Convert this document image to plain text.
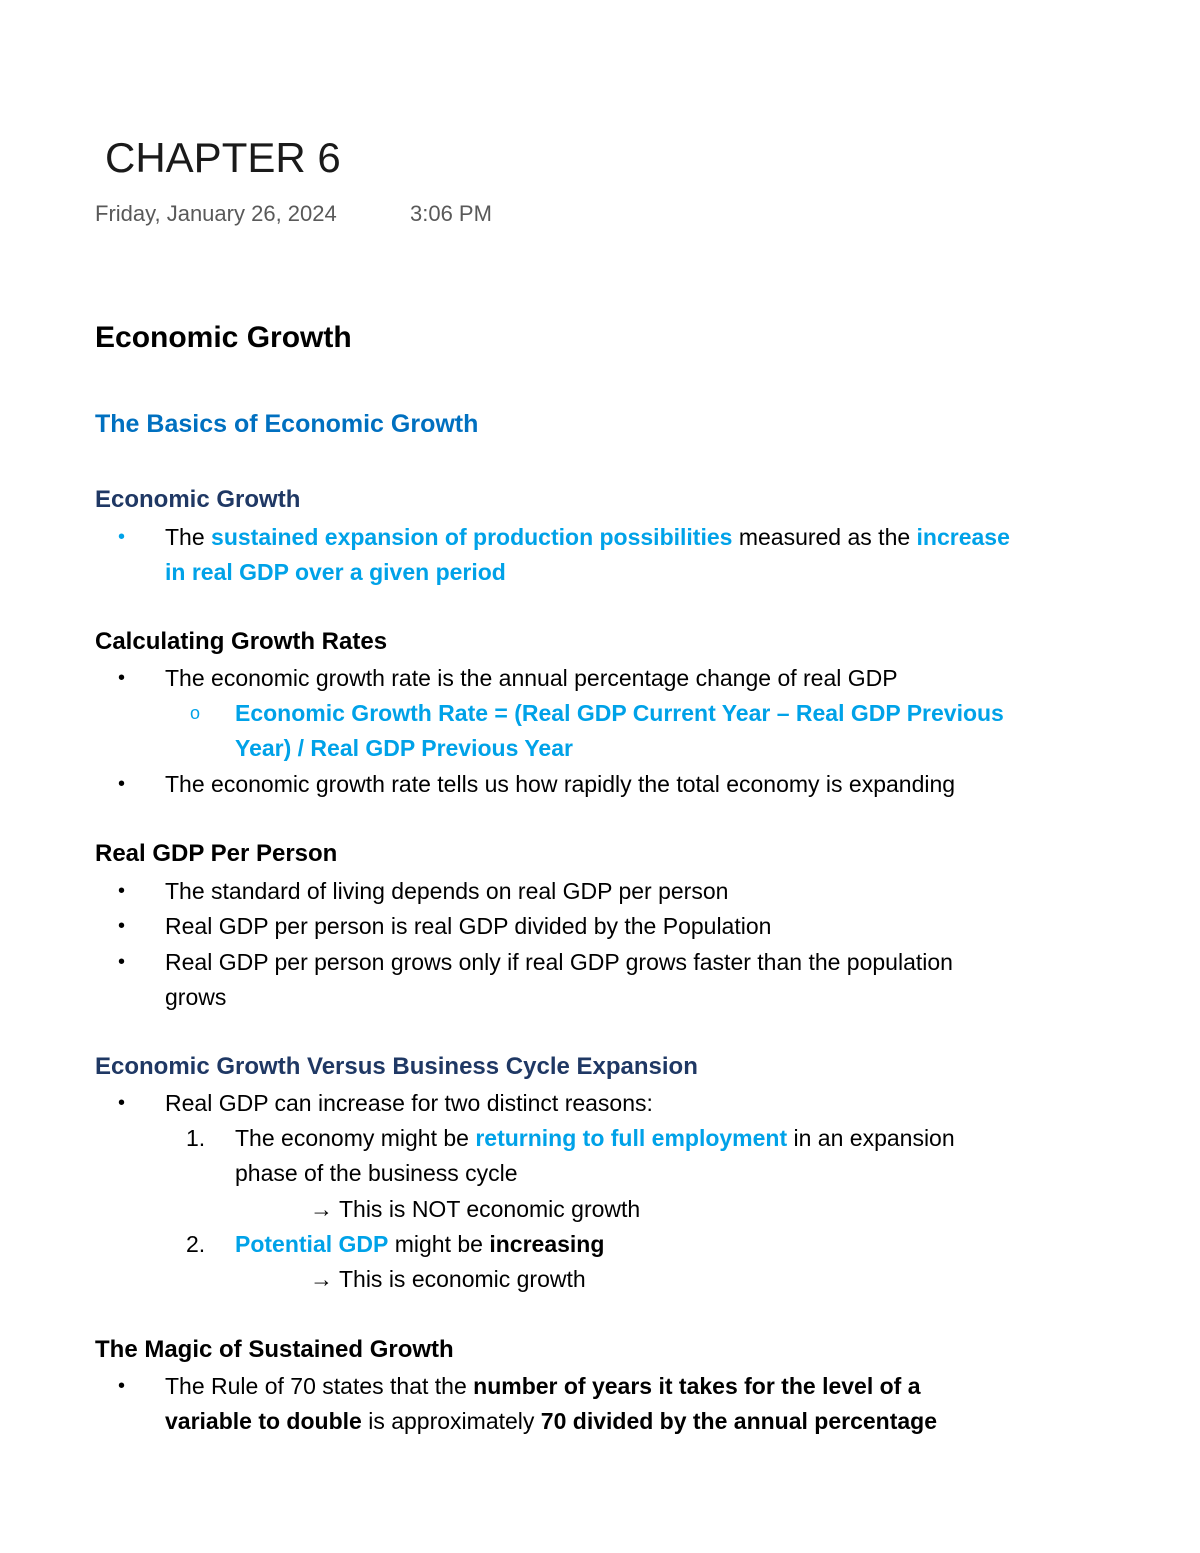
CHAPTER 6
Friday, January 26, 2024	3:06 PM
Economic Growth
The Basics of Economic Growth
Economic Growth
• The sustained expansion of production possibilities measured as the increase
in real GDP over a given period
Calculating Growth Rates
• The economic growth rate is the annual percentage change of real GDP
o Economic Growth Rate = (Real GDP Current Year – Real GDP Previous
Year) / Real GDP Previous Year
• The economic growth rate tells us how rapidly the total economy is expanding
Real GDP Per Person
• The standard of living depends on real GDP per person
• Real GDP per person is real GDP divided by the Population
• Real GDP per person grows only if real GDP grows faster than the population
grows
Economic Growth Versus Business Cycle Expansion
• Real GDP can increase for two distinct reasons:
1. The economy might be returning to full employment in an expansion
phase of the business cycle
→ This is NOT economic growth
2. Potential GDP might be increasing
→ This is economic growth
The Magic of Sustained Growth
• The Rule of 70 states that the number of years it takes for the level of a
variable to double is approximately 70 divided by the annual percentage
